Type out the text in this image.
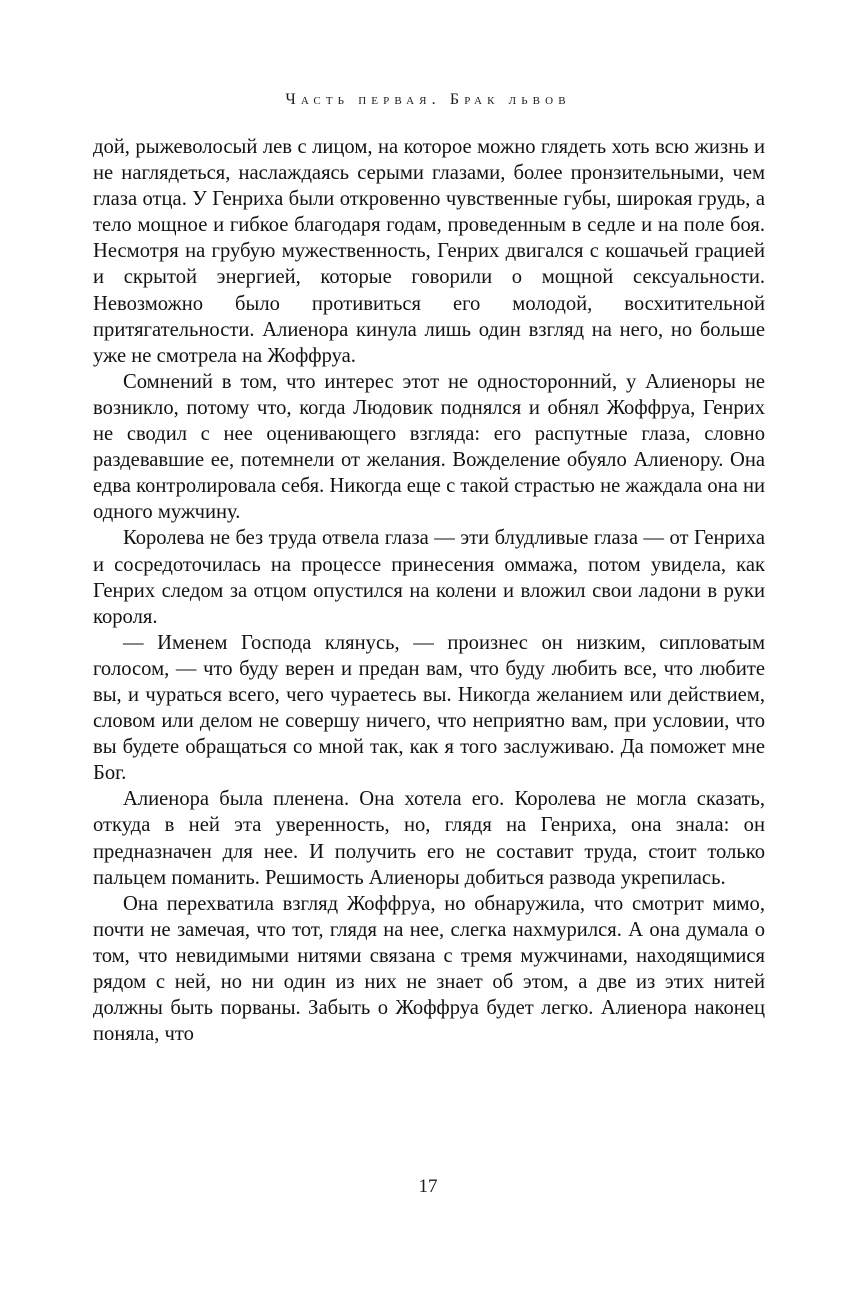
Часть первая. Брак львов

дой, рыжеволосый лев с лицом, на которое можно глядеть хоть всю жизнь и не наглядеться, наслаждаясь серыми глазами, более пронзительными, чем глаза отца. У Генриха были откровенно чувственные губы, широкая грудь, а тело мощное и гибкое благодаря годам, проведенным в седле и на поле боя. Несмотря на грубую мужественность, Генрих двигался с кошачьей грацией и скрытой энергией, которые говорили о мощной сексуальности. Невозможно было противиться его молодой, восхитительной притягательности. Алиенора кинула лишь один взгляд на него, но больше уже не смотрела на Жоффруа.

Сомнений в том, что интерес этот не односторонний, у Алиеноры не возникло, потому что, когда Людовик поднялся и обнял Жоффруа, Генрих не сводил с нее оценивающего взгляда: его распутные глаза, словно раздевавшие ее, потемнели от желания. Вожделение обуяло Алиенору. Она едва контролировала себя. Никогда еще с такой страстью не жаждала она ни одного мужчину.

Королева не без труда отвела глаза — эти блудливые глаза — от Генриха и сосредоточилась на процессе принесения оммажа, потом увидела, как Генрих следом за отцом опустился на колени и вложил свои ладони в руки короля.

— Именем Господа клянусь, — произнес он низким, сипловатым голосом, — что буду верен и предан вам, что буду любить все, что любите вы, и чураться всего, чего чураетесь вы. Никогда желанием или действием, словом или делом не совершу ничего, что неприятно вам, при условии, что вы будете обращаться со мной так, как я того заслуживаю. Да поможет мне Бог.

Алиенора была пленена. Она хотела его. Королева не могла сказать, откуда в ней эта уверенность, но, глядя на Генриха, она знала: он предназначен для нее. И получить его не составит труда, стоит только пальцем поманить. Решимость Алиеноры добиться развода укрепилась.

Она перехватила взгляд Жоффруа, но обнаружила, что смотрит мимо, почти не замечая, что тот, глядя на нее, слегка нахмурился. А она думала о том, что невидимыми нитями связана с тремя мужчинами, находящимися рядом с ней, но ни один из них не знает об этом, а две из этих нитей должны быть порваны. Забыть о Жоффруа будет легко. Алиенора наконец поняла, что

17
